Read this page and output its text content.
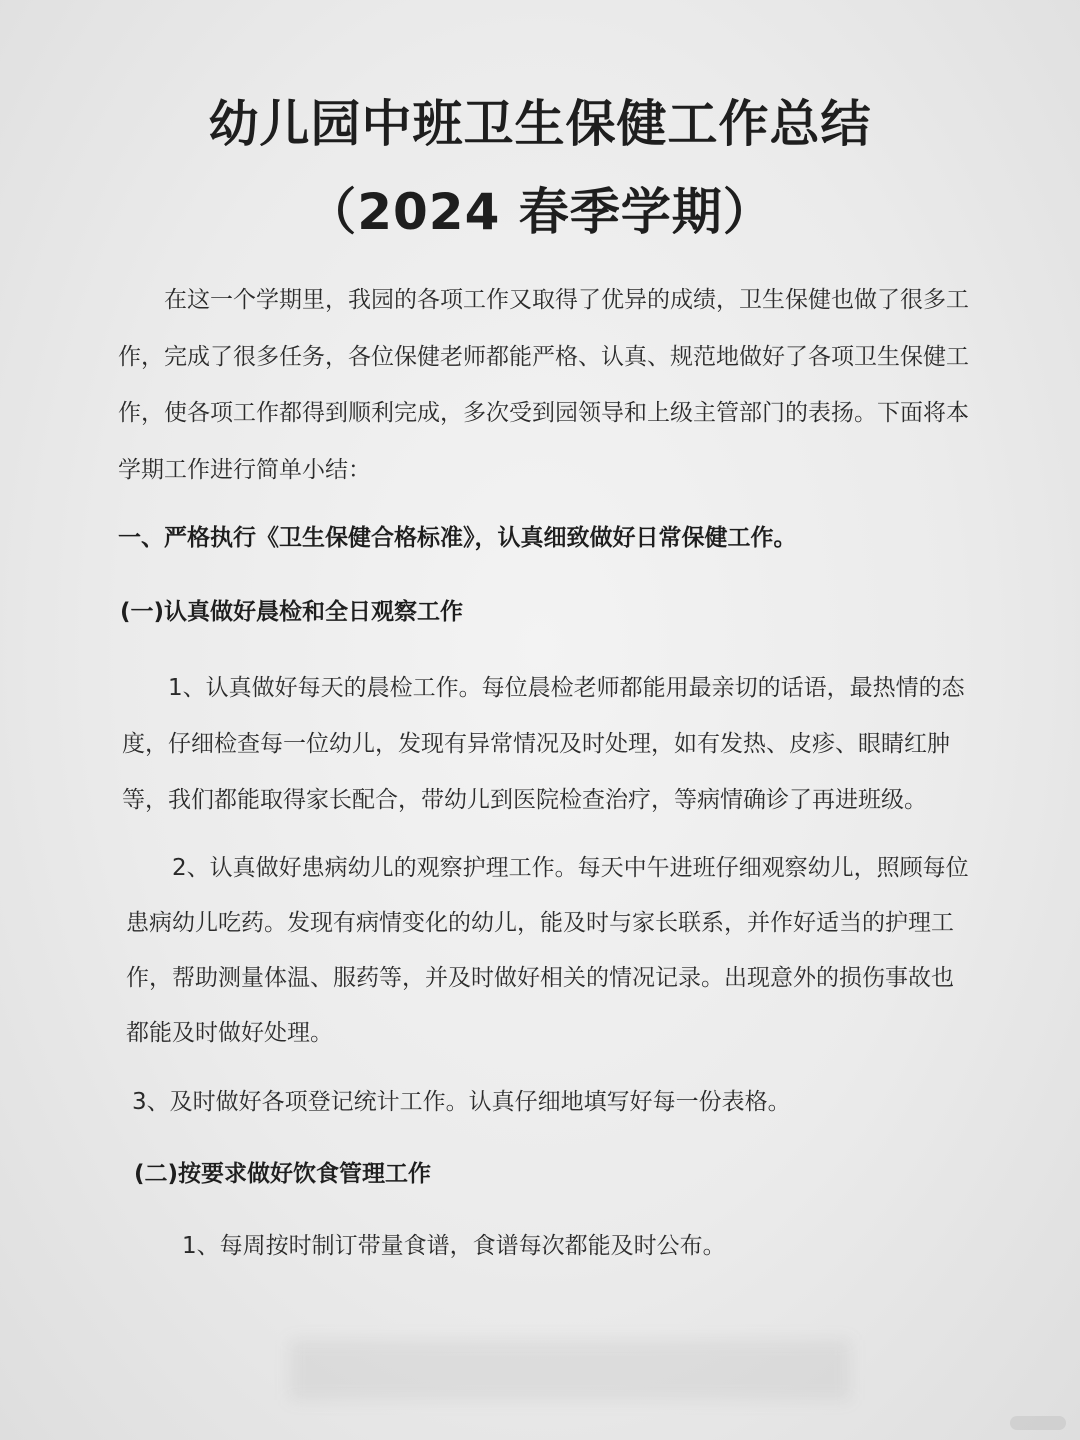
幼儿园中班卫生保健工作总结
（2024 春季学期）

在这一个学期里，我园的各项工作又取得了优异的成绩，卫生保健也做了很多工作，完成了很多任务，各位保健老师都能严格、认真、规范地做好了各项卫生保健工作，使各项工作都得到顺利完成，多次受到园领导和上级主管部门的表扬。下面将本学期工作进行简单小结：

一、严格执行《卫生保健合格标准》，认真细致做好日常保健工作。
(一)认真做好晨检和全日观察工作

1、认真做好每天的晨检工作。每位晨检老师都能用最亲切的话语，最热情的态度，仔细检查每一位幼儿，发现有异常情况及时处理，如有发热、皮疹、眼睛红肿等，我们都能取得家长配合，带幼儿到医院检查治疗，等病情确诊了再进班级。

2、认真做好患病幼儿的观察护理工作。每天中午进班仔细观察幼儿，照顾每位患病幼儿吃药。发现有病情变化的幼儿，能及时与家长联系，并作好适当的护理工作，帮助测量体温、服药等，并及时做好相关的情况记录。出现意外的损伤事故也都能及时做好处理。

3、及时做好各项登记统计工作。认真仔细地填写好每一份表格。

(二)按要求做好饮食管理工作

1、每周按时制订带量食谱，食谱每次都能及时公布。
